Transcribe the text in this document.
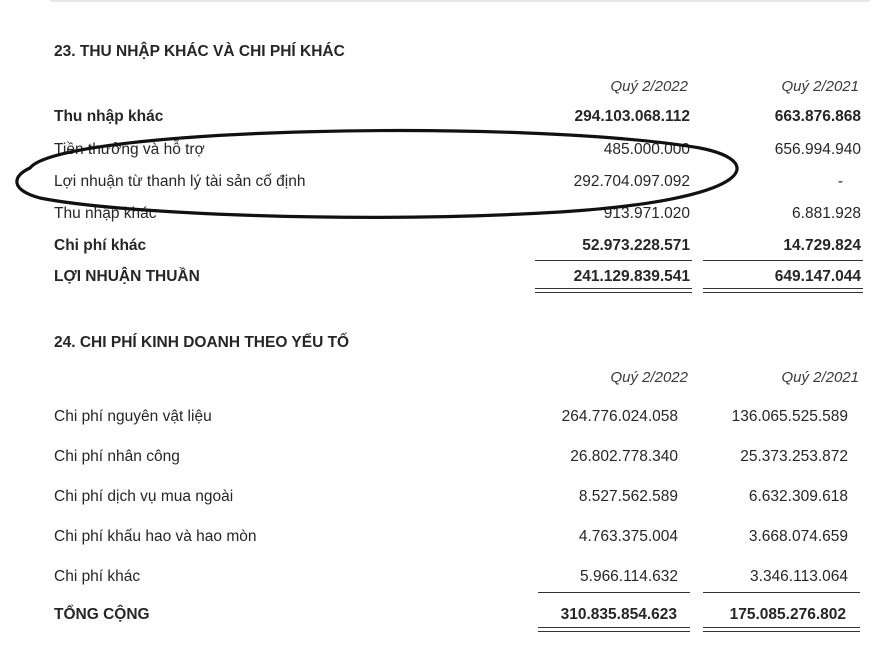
23. THU NHẬP KHÁC VÀ CHI PHÍ KHÁC
Quý 2/2022	Quý 2/2021
Thu nhập khác	294.103.068.112	663.876.868
Tiền thưởng và hỗ trợ	485.000.000	656.994.940
Lợi nhuận từ thanh lý tài sản cố định	292.704.097.092	-
Thu nhập khác	913.971.020	6.881.928
Chi phí khác	52.973.228.571	14.729.824
LỢI NHUẬN THUẦN	241.129.839.541	649.147.044
24. CHI PHÍ KINH DOANH THEO YẾU TỐ
Quý 2/2022	Quý 2/2021
Chi phí nguyên vật liệu	264.776.024.058	136.065.525.589
Chi phí nhân công	26.802.778.340	25.373.253.872
Chi phí dịch vụ mua ngoài	8.527.562.589	6.632.309.618
Chi phí khấu hao và hao mòn	4.763.375.004	3.668.074.659
Chi phí khác	5.966.114.632	3.346.113.064
TỔNG CỘNG	310.835.854.623	175.085.276.802
